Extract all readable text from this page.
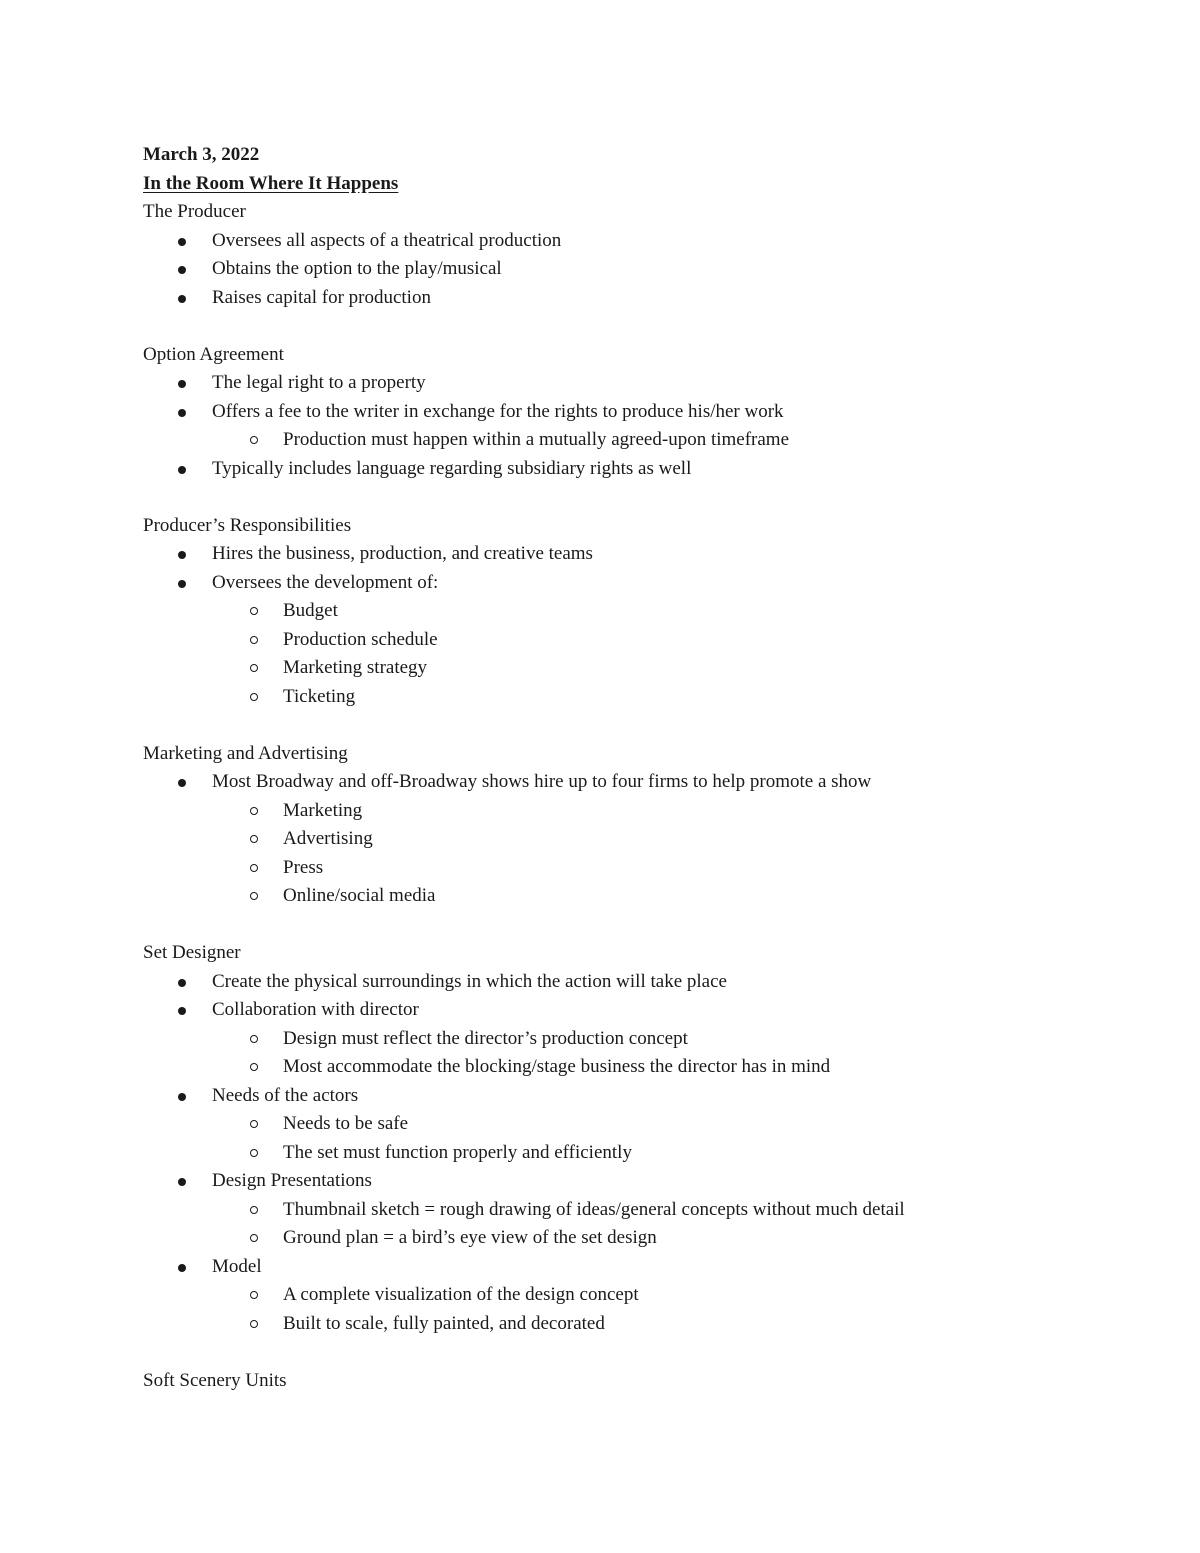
March 3, 2022
In the Room Where It Happens
The Producer
Oversees all aspects of a theatrical production
Obtains the option to the play/musical
Raises capital for production
Option Agreement
The legal right to a property
Offers a fee to the writer in exchange for the rights to produce his/her work
Production must happen within a mutually agreed-upon timeframe
Typically includes language regarding subsidiary rights as well
Producer’s Responsibilities
Hires the business, production, and creative teams
Oversees the development of:
Budget
Production schedule
Marketing strategy
Ticketing
Marketing and Advertising
Most Broadway and off-Broadway shows hire up to four firms to help promote a show
Marketing
Advertising
Press
Online/social media
Set Designer
Create the physical surroundings in which the action will take place
Collaboration with director
Design must reflect the director’s production concept
Most accommodate the blocking/stage business the director has in mind
Needs of the actors
Needs to be safe
The set must function properly and efficiently
Design Presentations
Thumbnail sketch = rough drawing of ideas/general concepts without much detail
Ground plan = a bird’s eye view of the set design
Model
A complete visualization of the design concept
Built to scale, fully painted, and decorated
Soft Scenery Units
